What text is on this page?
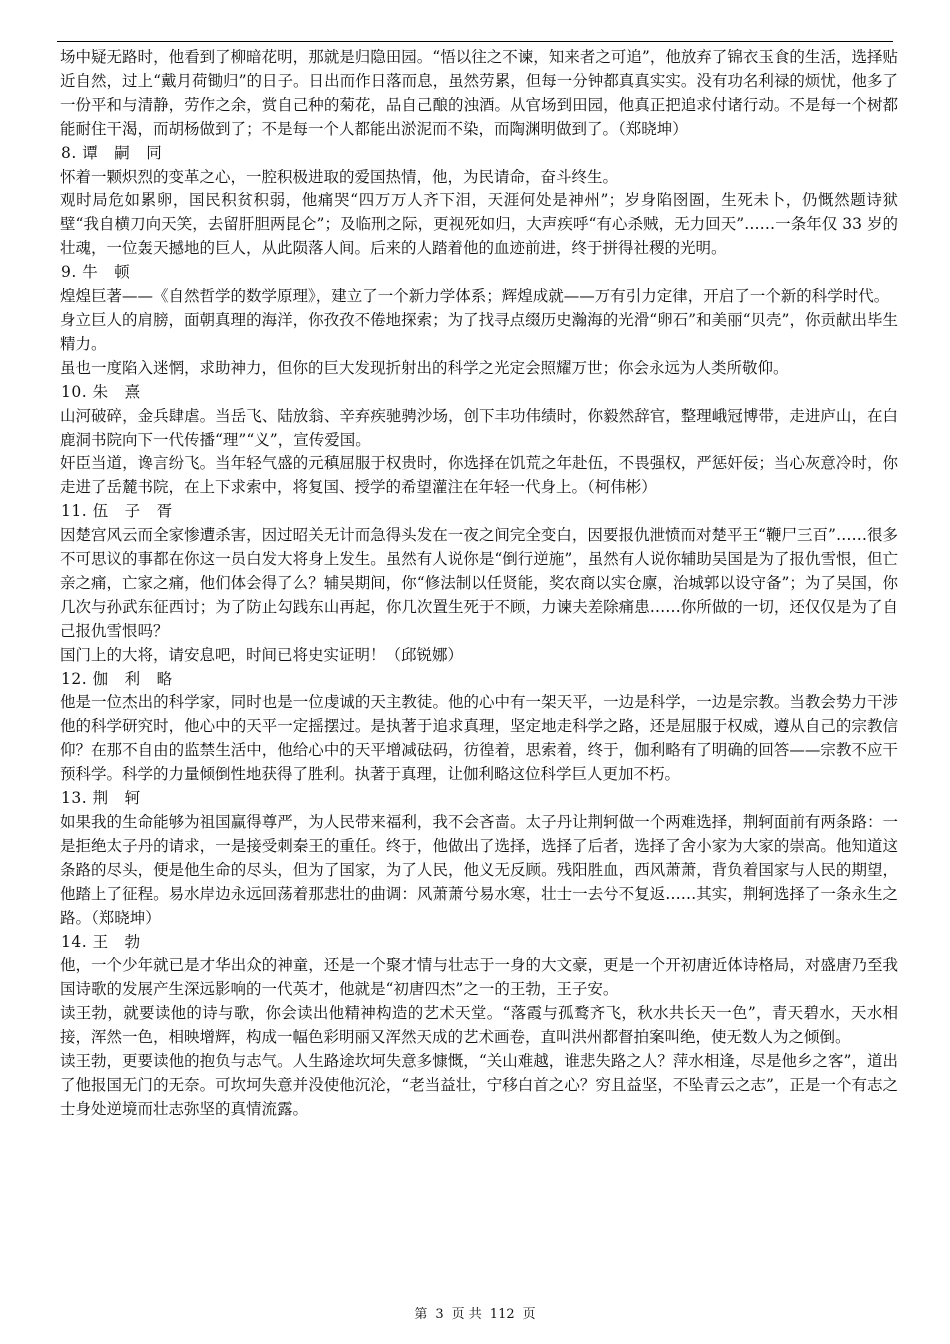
场中疑无路时，他看到了柳暗花明，那就是归隐田园。“悟以往之不谏，知来者之可追”，他放弃了锦衣玉食的生活，选择贴近自然，过上“戴月荷锄归”的日子。日出而作日落而息，虽然劳累，但每一分钟都真真实实。没有功名利禄的烦忧，他多了一份平和与清静，劳作之余，赏自己种的菊花，品自己酿的浊酒。从官场到田园，他真正把追求付诸行动。不是每一个树都能耐住干渴，而胡杨做到了；不是每一个人都能出淤泥而不染，而陶渊明做到了。（郑晓坤）

8. 谭　嗣　同

怀着一颗炽烈的变革之心，一腔积极进取的爱国热情，他，为民请命，奋斗终生。

观时局危如累卵，国民积贫积弱，他痛哭“四万万人齐下泪，天涯何处是神州”；岁身陷囹圄，生死未卜，仍慨然题诗狱壁“我自横刀向天笑，去留肝胆两昆仑”；及临刑之际，更视死如归，大声疾呼“有心杀贼，无力回天”……一条年仅 33 岁的壮魂，一位轰天撼地的巨人，从此陨落人间。后来的人踏着他的血迹前进，终于拼得社稷的光明。

9. 牛　顿

煌煌巨著——《自然哲学的数学原理》，建立了一个新力学体系；辉煌成就——万有引力定律，开启了一个新的科学时代。

身立巨人的肩膀，面朝真理的海洋，你孜孜不倦地探索；为了找寻点缀历史瀚海的光滑“卵石”和美丽“贝壳”，你贡献出毕生精力。

虽也一度陷入迷惘，求助神力，但你的巨大发现折射出的科学之光定会照耀万世；你会永远为人类所敬仰。

10. 朱　熹

山河破碎，金兵肆虐。当岳飞、陆放翁、辛弃疾驰骋沙场，创下丰功伟绩时，你毅然辞官，整理峨冠博带，走进庐山，在白鹿洞书院向下一代传播“理”“义”，宣传爱国。

奸臣当道，谗言纷飞。当年轻气盛的元稹屈服于权贵时，你选择在饥荒之年赴伍，不畏强权，严惩奸佞；当心灰意冷时，你走进了岳麓书院，在上下求索中，将复国、授学的希望灌注在年轻一代身上。（柯伟彬）

11. 伍　子　胥

因楚宫风云而全家惨遭杀害，因过昭关无计而急得头发在一夜之间完全变白，因要报仇泄愤而对楚平王“鞭尸三百”……很多不可思议的事都在你这一员白发大将身上发生。虽然有人说你是“倒行逆施”，虽然有人说你辅助吴国是为了报仇雪恨，但亡亲之痛，亡家之痛，他们体会得了么？辅吴期间，你“修法制以任贤能，奖农商以实仓廪，治城郭以设守备”；为了吴国，你几次与孙武东征西讨；为了防止勾践东山再起，你几次置生死于不顾，力谏夫差除痛患……你所做的一切，还仅仅是为了自己报仇雪恨吗？

国门上的大将，请安息吧，时间已将史实证明！（邱锐娜）

12. 伽　利　略

他是一位杰出的科学家，同时也是一位虔诚的天主教徒。他的心中有一架天平，一边是科学，一边是宗教。当教会势力干涉他的科学研究时，他心中的天平一定摇摆过。是执著于追求真理，坚定地走科学之路，还是屈服于权威，遵从自己的宗教信仰？在那不自由的监禁生活中，他给心中的天平增减砝码，彷徨着，思索着，终于，伽利略有了明确的回答——宗教不应干预科学。科学的力量倾倒性地获得了胜利。执著于真理，让伽利略这位科学巨人更加不朽。

13. 荆　轲

如果我的生命能够为祖国赢得尊严，为人民带来福利，我不会吝啬。太子丹让荆轲做一个两难选择，荆轲面前有两条路：一是拒绝太子丹的请求，一是接受刺秦王的重任。终于，他做出了选择，选择了后者，选择了舍小家为大家的崇高。他知道这条路的尽头，便是他生命的尽头，但为了国家，为了人民，他义无反顾。残阳胜血，西风萧萧，背负着国家与人民的期望，他踏上了征程。易水岸边永远回荡着那悲壮的曲调：风萧萧兮易水寒，壮士一去兮不复返……其实，荆轲选择了一条永生之路。（郑晓坤）

14. 王　勃

他，一个少年就已是才华出众的神童，还是一个聚才情与壮志于一身的大文豪，更是一个开初唐近体诗格局，对盛唐乃至我国诗歌的发展产生深远影响的一代英才，他就是“初唐四杰”之一的王勃，王子安。

读王勃，就要读他的诗与歌，你会读出他精神构造的艺术天堂。“落霞与孤鹜齐飞，秋水共长天一色”，青天碧水，天水相接，浑然一色，相映增辉，构成一幅色彩明丽又浑然天成的艺术画卷，直叫洪州都督拍案叫绝，使无数人为之倾倒。

读王勃，更要读他的抱负与志气。人生路途坎坷失意多慷慨，“关山难越，谁悲失路之人？萍水相逢，尽是他乡之客”，道出了他报国无门的无奈。可坎坷失意并没使他沉沦，“老当益壮，宁移白首之心？穷且益坚，不坠青云之志”，正是一个有志之士身处逆境而壮志弥坚的真情流露。

第 3 页 共 112 页
